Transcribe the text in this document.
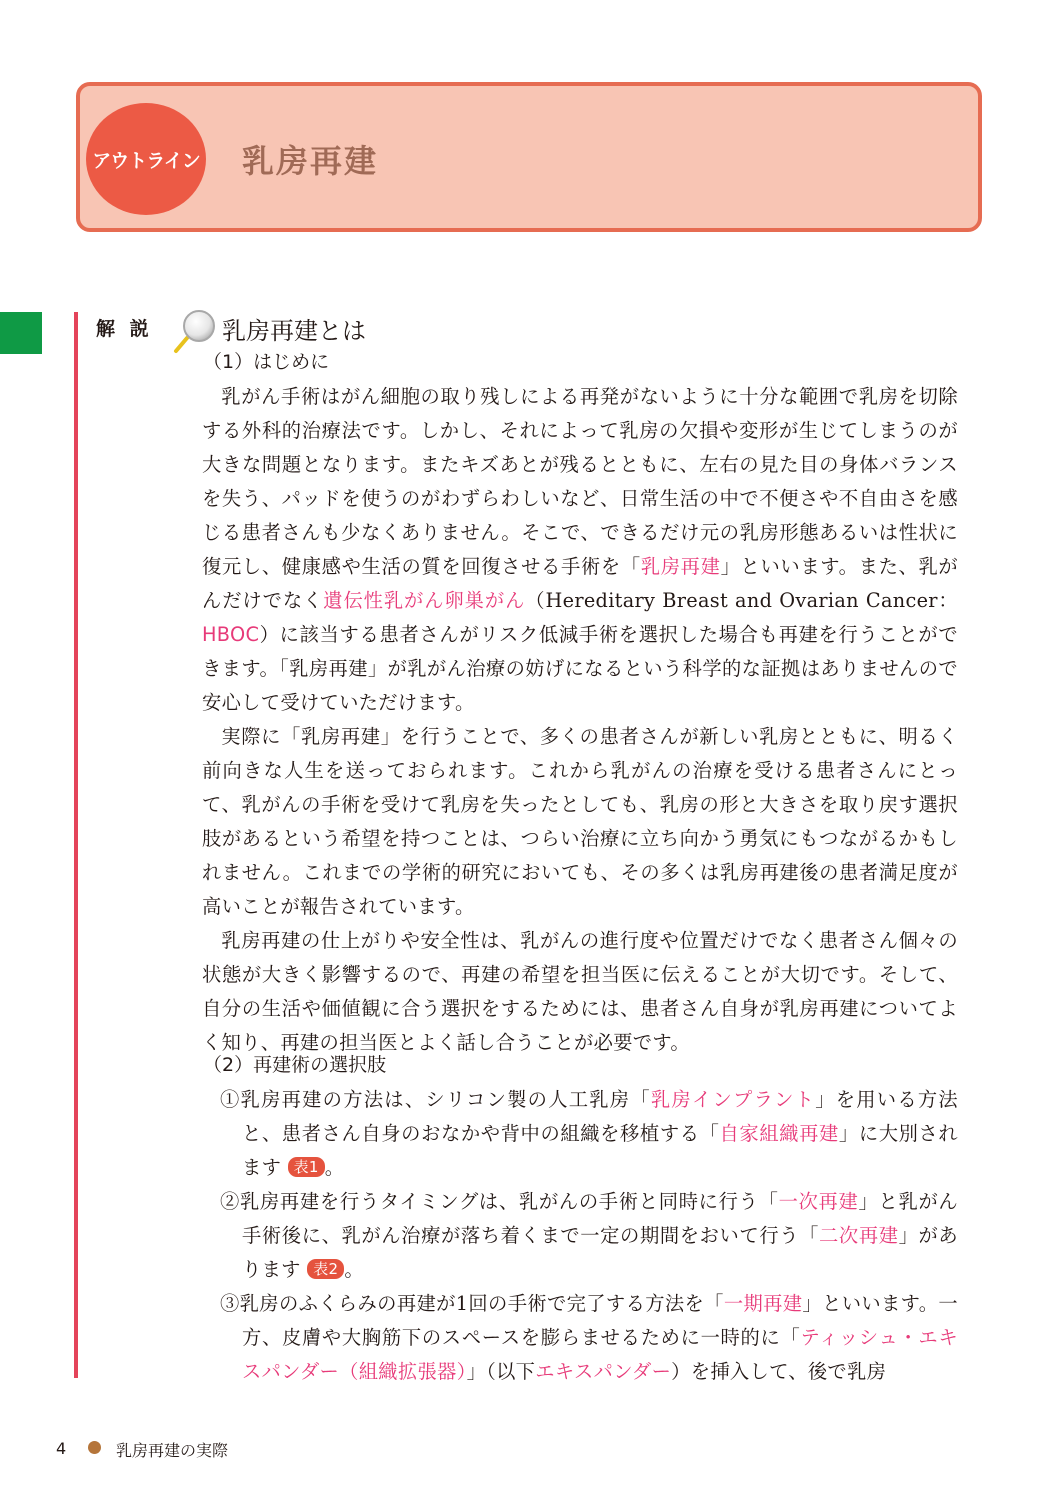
アウトライン 乳房再建
解 説	乳房再建とは
（1）はじめに

乳がん手術はがん細胞の取り残しによる再発がないように十分な範囲で乳房を切除する外科的治療法です。しかし、それによって乳房の欠損や変形が生じてしまうのが大きな問題となります。またキズあとが残るとともに、左右の見た目の身体バランスを失う、パッドを使うのがわずらわしいなど、日常生活の中で不便さや不自由さを感じる患者さんも少なくありません。そこで、できるだけ元の乳房形態あるいは性状に復元し、健康感や生活の質を回復させる手術を「乳房再建」といいます。また、乳がんだけでなく遺伝性乳がん卵巣がん（Hereditary Breast and Ovarian Cancer：HBOC）に該当する患者さんがリスク低減手術を選択した場合も再建を行うことができます。「乳房再建」が乳がん治療の妨げになるという科学的な証拠はありませんので安心して受けていただけます。

実際に「乳房再建」を行うことで、多くの患者さんが新しい乳房とともに、明るく前向きな人生を送っておられます。これから乳がんの治療を受ける患者さんにとって、乳がんの手術を受けて乳房を失ったとしても、乳房の形と大きさを取り戻す選択肢があるという希望を持つことは、つらい治療に立ち向かう勇気にもつながるかもしれません。これまでの学術的研究においても、その多くは乳房再建後の患者満足度が高いことが報告されています。

乳房再建の仕上がりや安全性は、乳がんの進行度や位置だけでなく患者さん個々の状態が大きく影響するので、再建の希望を担当医に伝えることが大切です。そして、自分の生活や価値観に合う選択をするためには、患者さん自身が乳房再建についてよく知り、再建の担当医とよく話し合うことが必要です。

（2）再建術の選択肢
①乳房再建の方法は、シリコン製の人工乳房「乳房インプラント」を用いる方法と、患者さん自身のおなかや背中の組織を移植する「自家組織再建」に大別されます 表1 。
②乳房再建を行うタイミングは、乳がんの手術と同時に行う「一次再建」と乳がん手術後に、乳がん治療が落ち着くまで一定の期間をおいて行う「二次再建」があります 表2 。
③乳房のふくらみの再建が1回の手術で完了する方法を「一期再建」といいます。一方、皮膚や大胸筋下のスペースを膨らませるために一時的に「ティッシュ・エキスパンダー（組織拡張器）」（以下エキスパンダー）を挿入して、後で乳房
4	乳房再建の実際
